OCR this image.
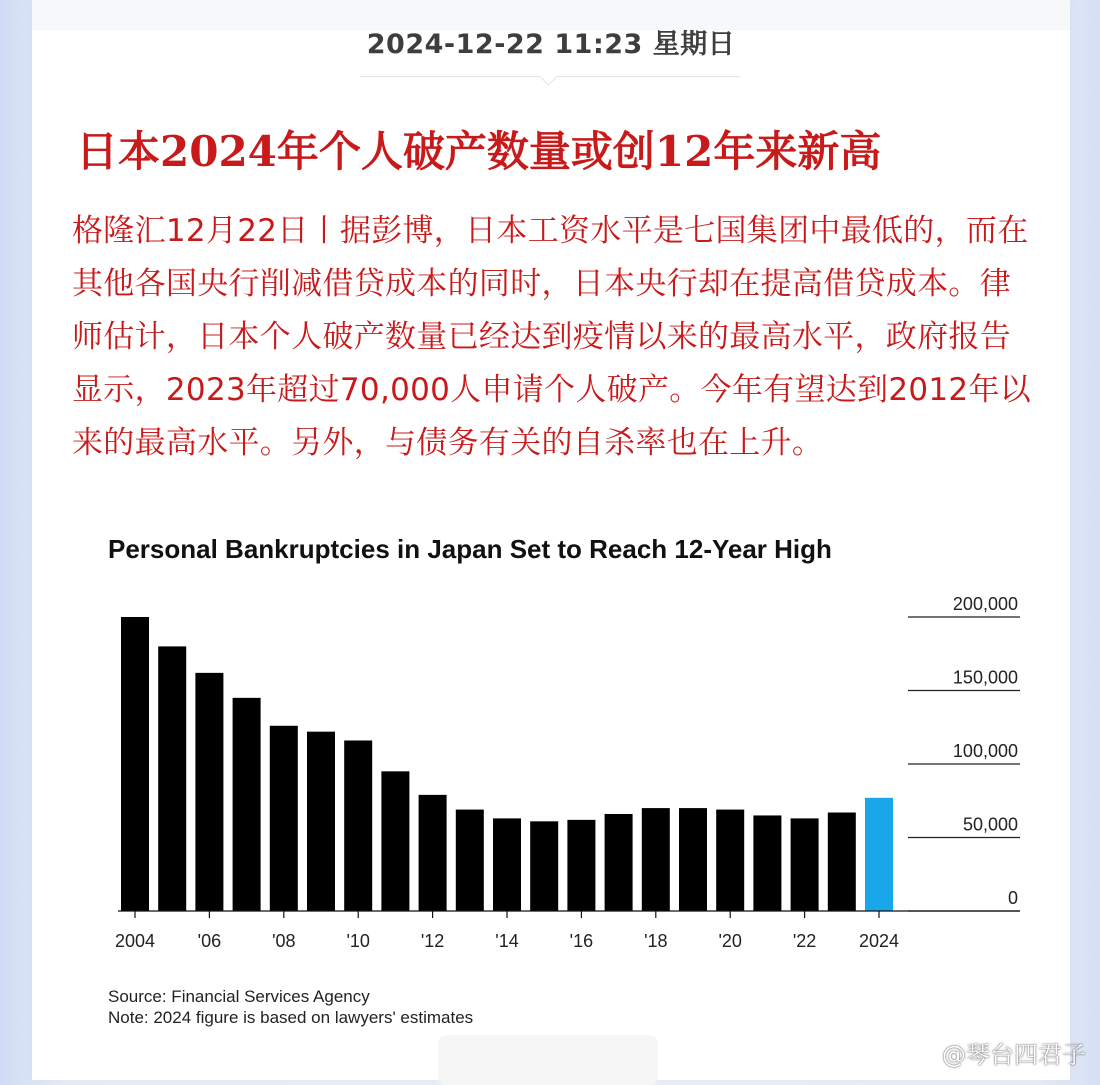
2024-12-22 11:23 星期日
日本2024年个人破产数量或创12年来新高
格隆汇12月22日丨据彭博，日本工资水平是七国集团中最低的，而在其他各国央行削减借贷成本的同时，日本央行却在提高借贷成本。律师估计，日本个人破产数量已经达到疫情以来的最高水平，政府报告显示，2023年超过70,000人申请个人破产。今年有望达到2012年以来的最高水平。另外，与债务有关的自杀率也在上升。
Personal Bankruptcies in Japan Set to Reach 12-Year High
0
50,000
100,000
150,000
200,000
2004 '06	'08	'10	'12	'14	'16	'18	'20	'22 2024
Source: Financial Services Agency
Note: 2024 figure is based on lawyers' estimates
@琴台四君子
